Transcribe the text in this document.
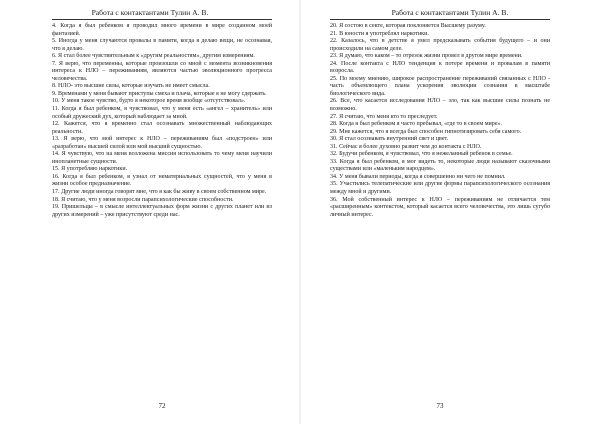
Работа с контактантами Тулин А. В.

4. Когда я был ребенком я проводил много времени в мире созданном моей фантазией.

5. Иногда у меня случаются провалы в памяти, когда я делаю вещи, не осознавая, что я делаю.

6. Я стал более чувствительным к «другим реальностям», другим измерениям.

7. Я верю, что переменны, которые произошли со мной с момента возникновения интереса к НЛО – переживаниям, являются частью эволюционного прогресса человечества.

8. НЛО- это высшие силы, которые изучать не имеет смысла.

9. Временами у меня бывают приступы смеха и плача, которые я не могу сдержать.

10. У меня такое чувство, будто я некоторое время вообще «отсутствовал».

11. Когда я был ребенком, я чувствовал, что у меня есть «ангел – хранитель» или особый дружеский дух, который наблюдает за мной.

12. Кажется, что я временно стал осознавать множественный наблюдающих реальности.

13. Я верю, что мой интерес к НЛО – переживаниям был «подстроен» или «разработан» высшей силой или мой высший сущностью.

14. Я чувствую, что на меня возложена миссия использовать то чему меня научили инопланетные сущности.

15. Я употребляю наркотики.

16. Когда я был ребенком, я узнал от нематериальных сущностей, что у меня в жизни особое предназначение.

17. Другие люди иногда говорят мне, что я как бы живу в своем собственном мире.

18. Я считаю, что у меня возросли парапсихологические способности.

19. Пришельцы – в смысле интеллектуальных форм жизни с других планет или из других измерений – уже присутствуют среди нас.

72
Работа с контактантами Тулин А. В.

20. Я состою в секте, которая поклоняется Высшему разуму.

21. В юности я употреблял наркотики.

22. Казалось, что в детстве я умел предсказывать события будущего – и они происходили на самом деле.

23. Я думаю, что каком – то отрезок жизни провел в другом мире времени.

24. После контакта с НЛО тенденция к потере времени и провалам в памяти возросла.

25. По моему мнению, широкое распространение переживаний связанных с НЛО - часть объемлющего плана ускорения эволюции сознания в масштабе биологического вида.

26. Все, что касается исследования НЛО – зло, так как высшие силы познать не возможно.

27. Я считаю, что меня кто то преследует.

28. Когда я был ребенком я часто пребывал, «где то в своем мире».

29. Мне кажется, что я всегда был способен гипнотизировать себя самого.

30. Я стал осознавать внутренний свет и цвет.

31. Сейчас я более духовно развит чем до контакта с НЛО.

32. Будучи ребенком, я чувствовал, что я нежеланный ребенок в семье.

33. Когда я был ребенком, я мог видеть то, некоторые люди называют сказочными существами или «маленьким народцем».

34. У меня бывали периоды, когда я совершенно ни чего не помнил.

35. Участились телепатические или другие формы парапсихологического осознания между мной и другими.

36. Мой собственный интерес к НЛО – переживаниям не отличается тем «расширенным» контекстом, который касается всего человечества, это лишь сугубо личный интерес.

73
